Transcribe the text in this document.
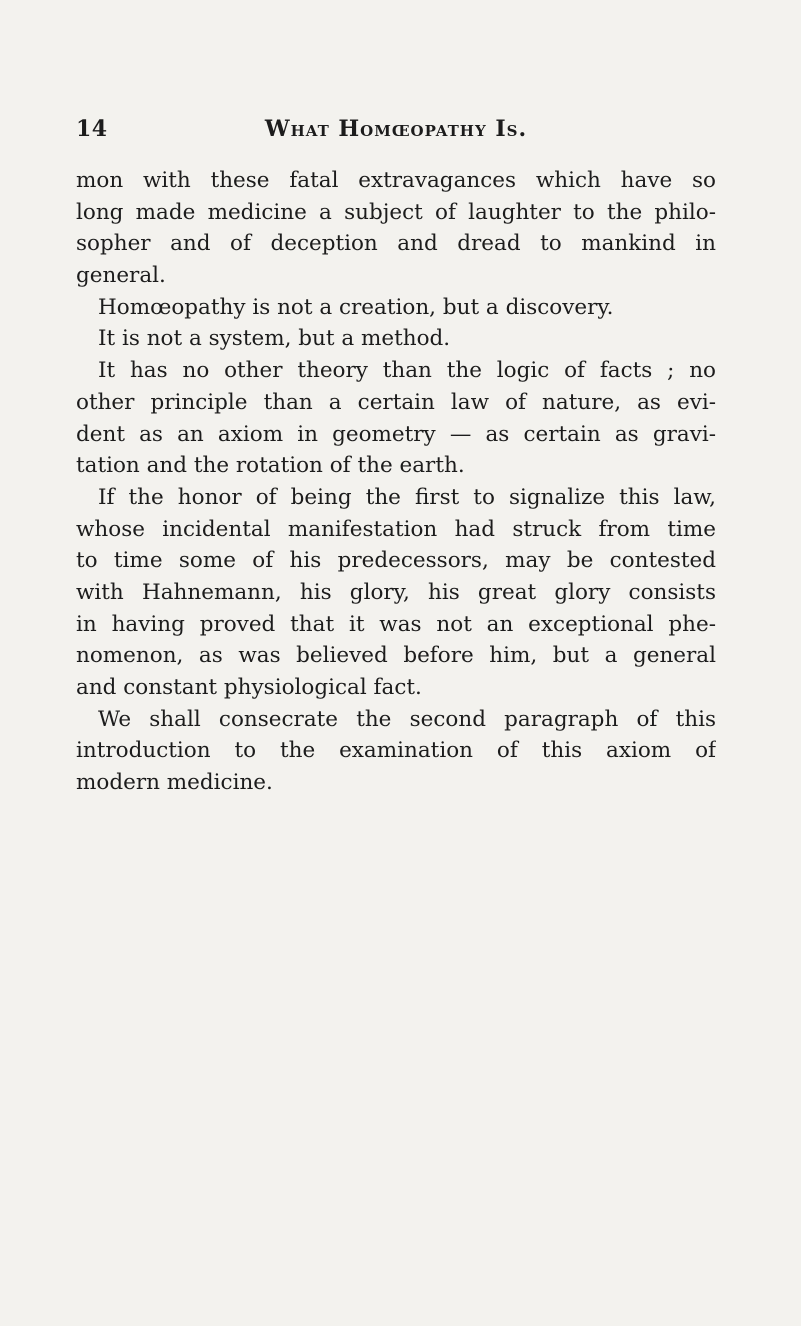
14	What Homœopathy Is.
mon with these fatal extravagances which have so
long made medicine a subject of laughter to the philo-
sopher and of deception and dread to mankind in
general.
Homœopathy is not a creation, but a discovery.
It is not a system, but a method.
It has no other theory than the logic of facts ; no
other principle than a certain law of nature, as evi-
dent as an axiom in geometry — as certain as gravi-
tation and the rotation of the earth.
If the honor of being the first to signalize this law,
whose incidental manifestation had struck from time
to time some of his predecessors, may be contested
with Hahnemann, his glory, his great glory consists
in having proved that it was not an exceptional phe-
nomenon, as was believed before him, but a general
and constant physiological fact.
We shall consecrate the second paragraph of this
introduction to the examination of this axiom of
modern medicine.
